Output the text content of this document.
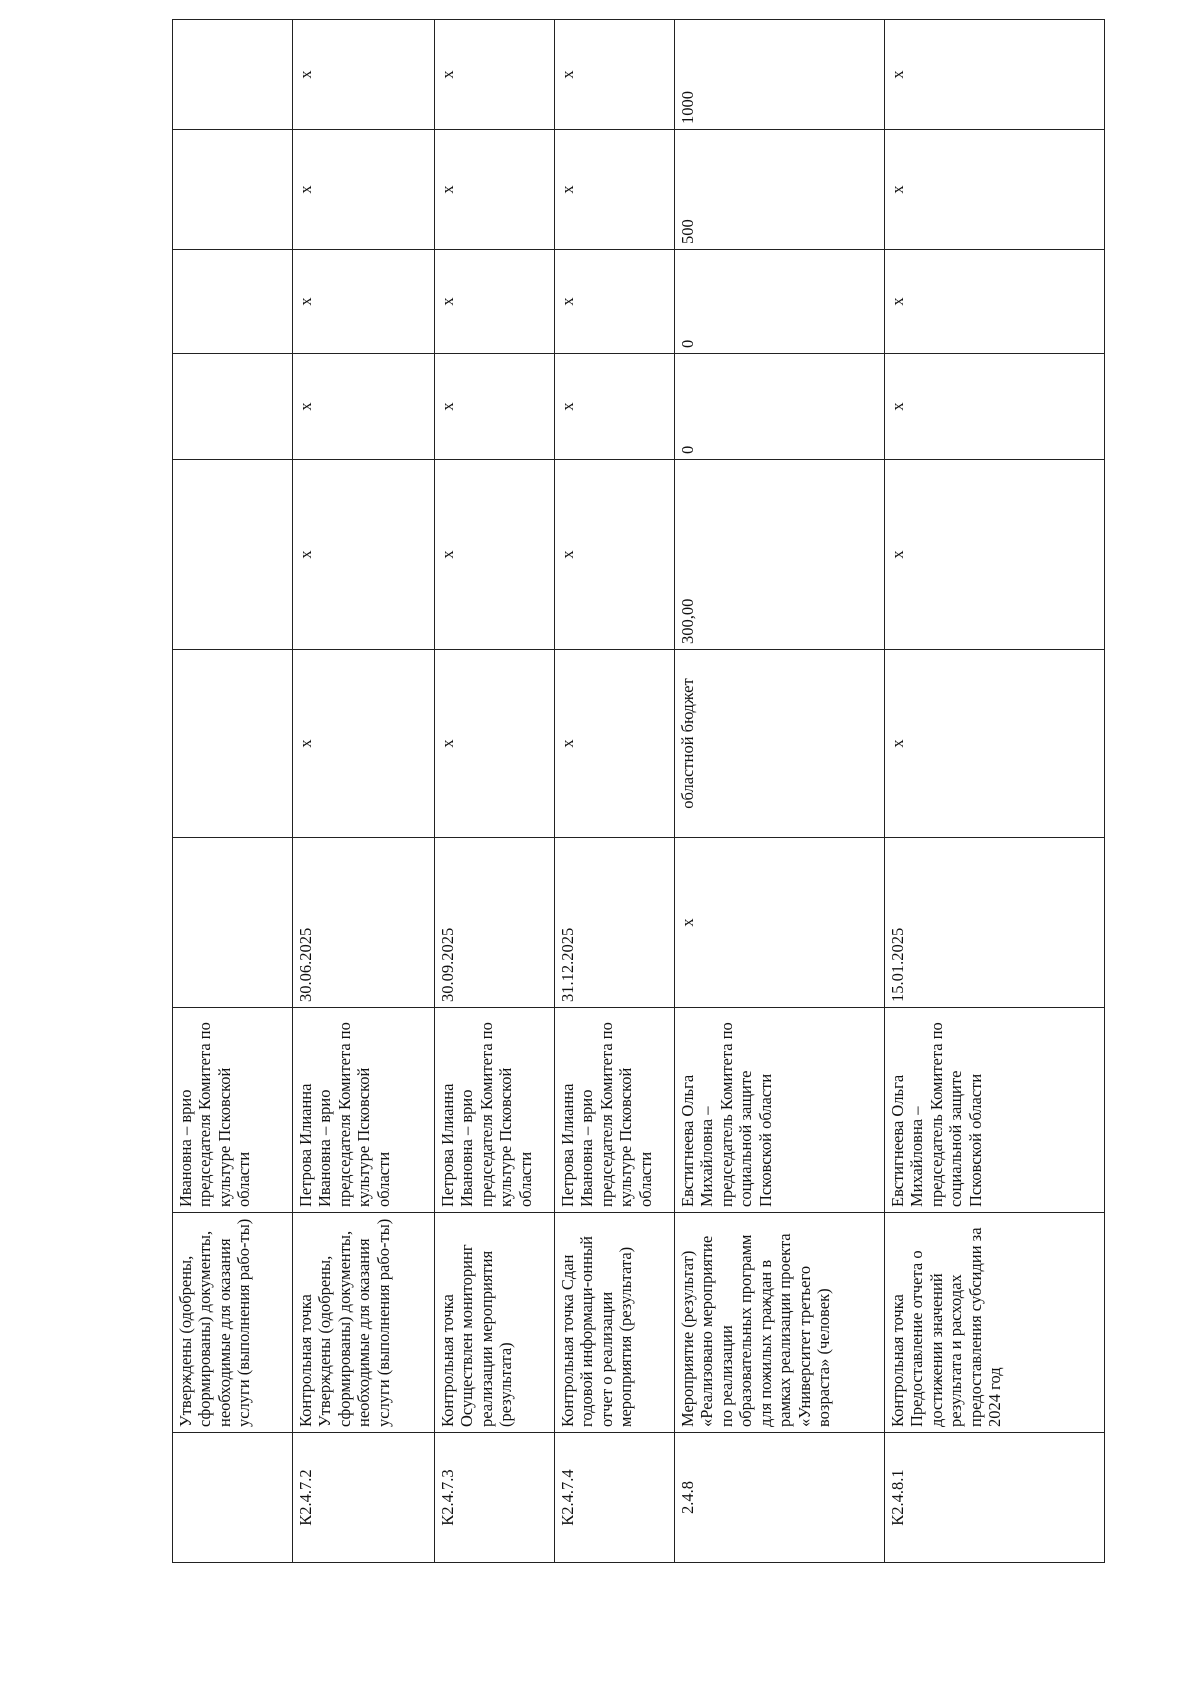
	Утверждены (одобрены, сформированы) документы, необходимые для оказания услуги (выполнения рабо-ты)	Ивановна – врио председателя Комитета по культуре Псковской области							
К2.4.7.2	Контрольная точка Утверждены (одобрены, сформированы) документы, необходимые для оказания услуги (выполнения рабо-ты)	Петрова Илианна Ивановна – врио председателя Комитета по культуре Псковской области	30.06.2025	x	x	x	x	x	x
К2.4.7.3	Контрольная точка Осуществлен мониторинг реализации мероприятия (результата)	Петрова Илианна Ивановна – врио председателя Комитета по культуре Псковской области	30.09.2025	x	x	x	x	x	x
К2.4.7.4	Контрольная точка Сдан годовой информаци-онный отчет о реализации мероприятия (результата)	Петрова Илианна Ивановна – врио председателя Комитета по культуре Псковской области	31.12.2025	x	x	x	x	x	x
2.4.8	Мероприятие (результат) «Реализовано мероприятие по реализации образовательных программ для пожилых граждан в рамках реализации проекта «Университет третьего возраста» (человек)	Евстигнеева Ольга Михайловна – председатель Комитета по социальной защите Псковской области	x	областной бюджет	300,00	0	0	500	1000
К2.4.8.1	Контрольная точка Предоставление отчета о достижении значений результата и расходах предоставления субсидии за 2024 год	Евстигнеева Ольга Михайловна – председатель Комитета по социальной защите Псковской области	15.01.2025	x	x	x	x	x	x
